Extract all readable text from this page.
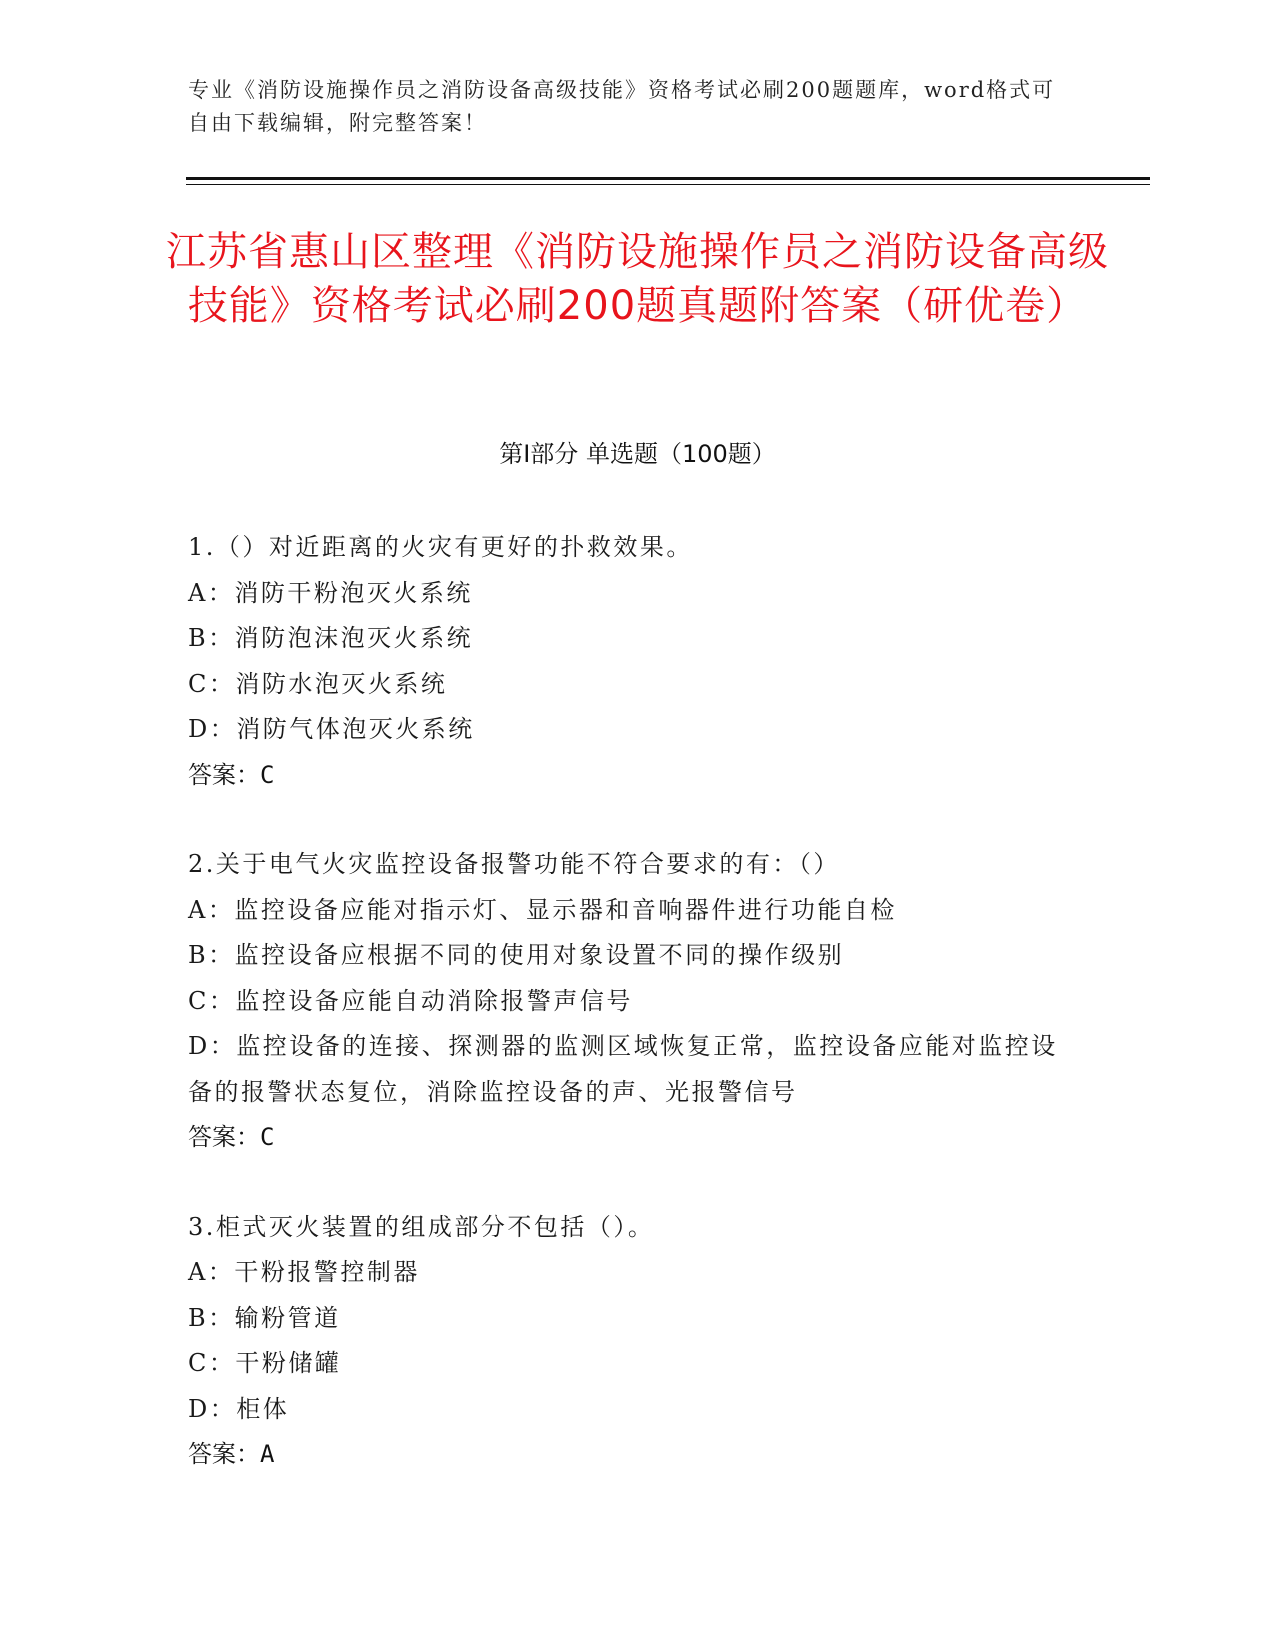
专业《消防设施操作员之消防设备高级技能》资格考试必刷200题题库，word格式可自由下载编辑，附完整答案！
江苏省惠山区整理《消防设施操作员之消防设备高级技能》资格考试必刷200题真题附答案（研优卷）
第I部分 单选题（100题）
1.（）对近距离的火灾有更好的扑救效果。
A：消防干粉泡灭火系统
B：消防泡沫泡灭火系统
C：消防水泡灭火系统
D：消防气体泡灭火系统
答案：C
2.关于电气火灾监控设备报警功能不符合要求的有：（）
A：监控设备应能对指示灯、显示器和音响器件进行功能自检
B：监控设备应根据不同的使用对象设置不同的操作级别
C：监控设备应能自动消除报警声信号
D：监控设备的连接、探测器的监测区域恢复正常，监控设备应能对监控设备的报警状态复位，消除监控设备的声、光报警信号
答案：C
3.柜式灭火装置的组成部分不包括（）。
A：干粉报警控制器
B：输粉管道
C：干粉储罐
D：柜体
答案：A
